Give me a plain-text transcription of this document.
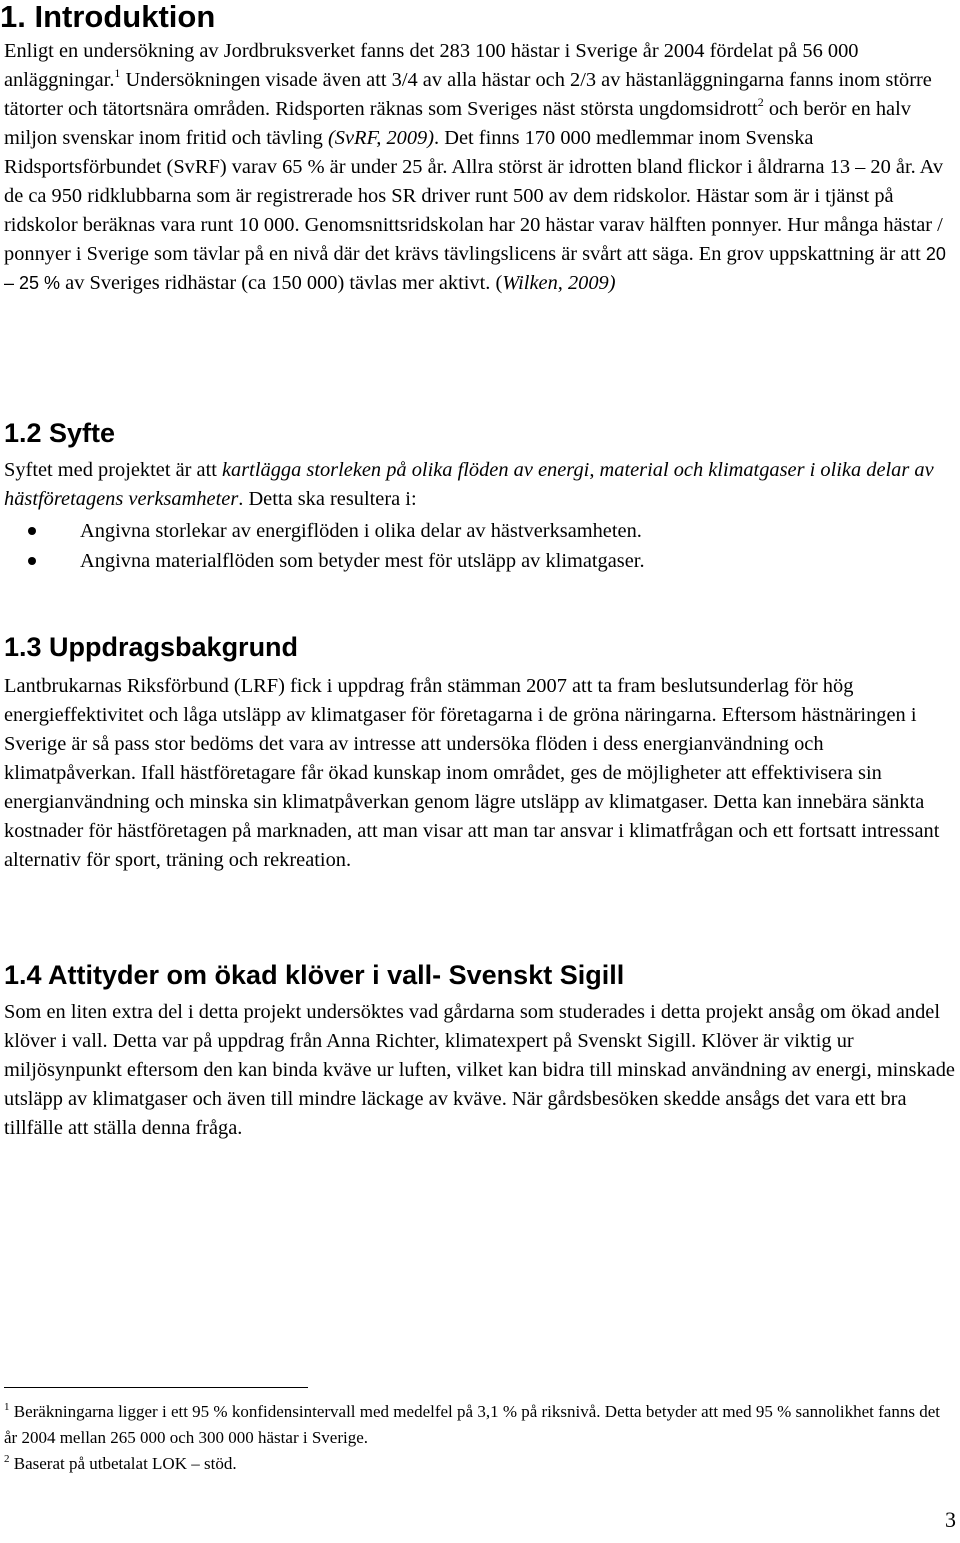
1. Introduktion

Enligt en undersökning av Jordbruksverket fanns det 283 100 hästar i Sverige år 2004 fördelat på 56 000 anläggningar.$^1$ Undersökningen visade även att 3/4 av alla hästar och 2/3 av hästanläggningarna fanns inom större tätorter och tätortsnära områden. Ridsporten räknas som Sveriges näst största ungdomsidrott$^2$ och berör en halv miljon svenskar inom fritid och tävling (SvRF, 2009). Det finns 170 000 medlemmar inom Svenska Ridsportsförbundet (SvRF) varav 65 % är under 25 år. Allra störst är idrotten bland flickor i åldrarna 13 – 20 år. Av de ca 950 ridklubbarna som är registrerade hos SR driver runt 500 av dem ridskolor. Hästar som är i tjänst på ridskolor beräknas vara runt 10 000. Genomsnittsridskolan har 20 hästar varav hälften ponnyer. Hur många hästar / ponnyer i Sverige som tävlar på en nivå där det krävs tävlingslicens är svårt att säga. En grov uppskattning är att 20 – 25 % av Sveriges ridhästar (ca 150 000) tävlas mer aktivt. (Wilken, 2009)

1.2 Syfte

Syftet med projektet är att kartlägga storleken på olika flöden av energi, material och klimatgaser i olika delar av hästföretagens verksamheter. Detta ska resultera i:

Angivna storlekar av energiflöden i olika delar av hästverksamheten.
Angivna materialflöden som betyder mest för utsläpp av klimatgaser.
1.3 Uppdragsbakgrund

Lantbrukarnas Riksförbund (LRF) fick i uppdrag från stämman 2007 att ta fram beslutsunderlag för hög energieffektivitet och låga utsläpp av klimatgaser för företagarna i de gröna näringarna. Eftersom hästnäringen i Sverige är så pass stor bedöms det vara av intresse att undersöka flöden i dess energianvändning och klimatpåverkan. Ifall hästföretagare får ökad kunskap inom området, ges de möjligheter att effektivisera sin energianvändning och minska sin klimatpåverkan genom lägre utsläpp av klimatgaser. Detta kan innebära sänkta kostnader för hästföretagen på marknaden, att man visar att man tar ansvar i klimatfrågan och ett fortsatt intressant alternativ för sport, träning och rekreation.

1.4 Attityder om ökad klöver i vall- Svenskt Sigill

Som en liten extra del i detta projekt undersöktes vad gårdarna som studerades i detta projekt ansåg om ökad andel klöver i vall. Detta var på uppdrag från Anna Richter, klimatexpert på Svenskt Sigill. Klöver är viktig ur miljösynpunkt eftersom den kan binda kväve ur luften, vilket kan bidra till minskad användning av energi, minskade utsläpp av klimatgaser och även till mindre läckage av kväve. När gårdsbesöken skedde ansågs det vara ett bra tillfälle att ställa denna fråga.

$^1$ Beräkningarna ligger i ett 95 % konfidensintervall med medelfel på 3,1 % på riksnivå. Detta betyder att med 95 % sannolikhet fanns det år 2004 mellan 265 000 och 300 000 hästar i Sverige.
$^2$ Baserat på utbetalat LOK – stöd.
3
